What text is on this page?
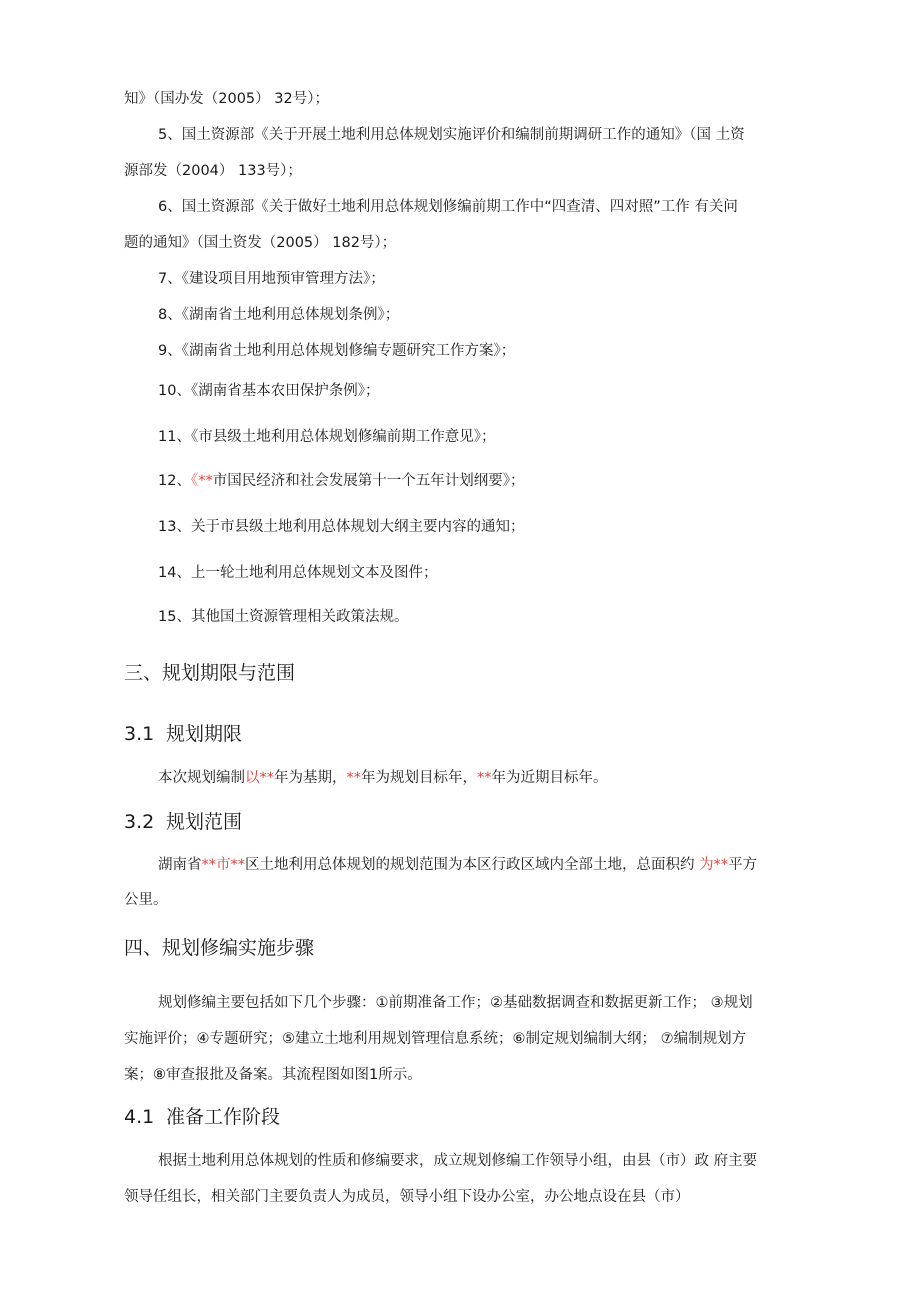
知》（国办发（2005） 32号）；
5、国土资源部《关于开展土地利用总体规划实施评价和编制前期调研工作的通知》（国 土资
源部发（2004） 133号）；
6、国土资源部《关于做好土地利用总体规划修编前期工作中“四查清、四对照”工作 有关问
题的通知》（国土资发（2005） 182号）；
7、《建设项目用地预审管理方法》；
8、《湖南省土地利用总体规划条例》；
9、《湖南省土地利用总体规划修编专题研究工作方案》；
10、《湖南省基本农田保护条例》；
11、《市县级土地利用总体规划修编前期工作意见》；
12、《**市国民经济和社会发展第十一个五年计划纲要》；
13、关于市县级土地利用总体规划大纲主要内容的通知；
14、上一轮土地利用总体规划文本及图件；
15、其他国土资源管理相关政策法规。
三、规划期限与范围
3.1 规划期限
本次规划编制以**年为基期，**年为规划目标年，**年为近期目标年。
3.2 规划范围
湖南省**市**区土地利用总体规划的规划范围为本区行政区域内全部土地，总面积约 为**平方
公里。
四、规划修编实施步骤
规划修编主要包括如下几个步骤：①前期准备工作；②基础数据调查和数据更新工作； ③规划
实施评价；④专题研究；⑤建立土地利用规划管理信息系统；⑥制定规划编制大纲； ⑦编制规划方
案；⑧审查报批及备案。其流程图如图1所示。
4.1 准备工作阶段
根据土地利用总体规划的性质和修编要求，成立规划修编工作领导小组，由县（市）政 府主要
领导任组长，相关部门主要负责人为成员，领导小组下设办公室，办公地点设在县（市）
